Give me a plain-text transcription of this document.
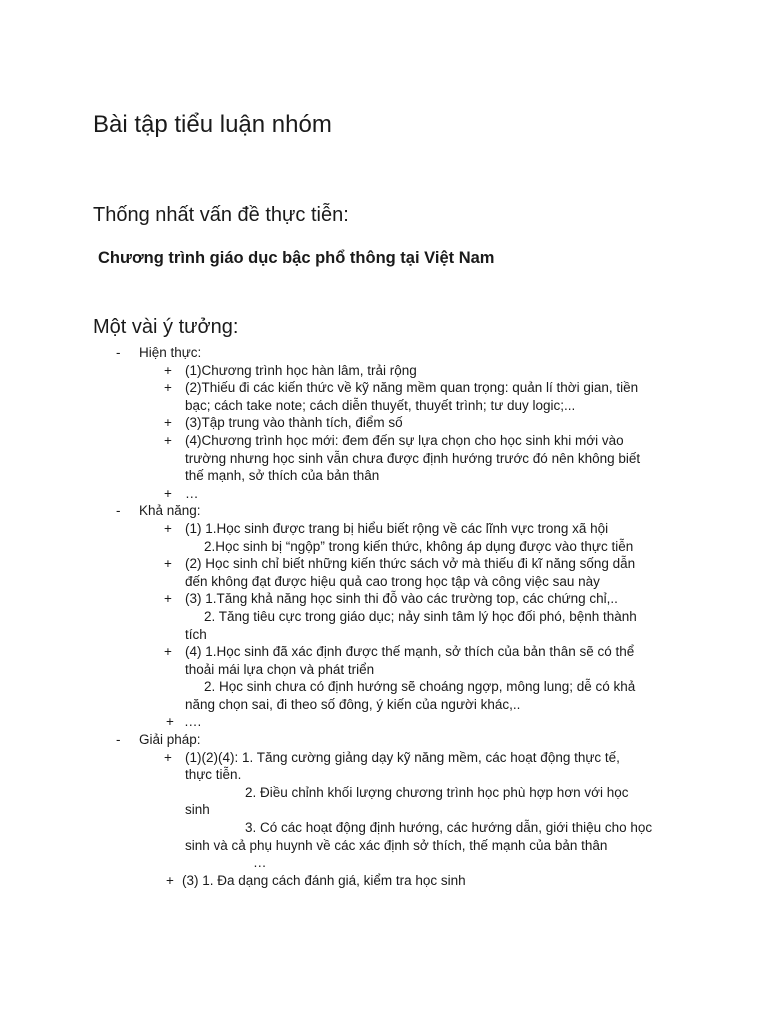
Bài tập tiểu luận nhóm
Thống nhất vấn đề thực tiễn:
Chương trình giáo dục bậc phổ thông tại Việt Nam
Một vài ý tưởng:
- Hiện thực:
+ (1)Chương trình học hàn lâm, trải rộng
+ (2)Thiếu đi các kiến thức về kỹ năng mềm quan trọng: quản lí thời gian, tiền
bạc; cách take note; cách diễn thuyết, thuyết trình; tư duy logic;...
+ (3)Tập trung vào thành tích, điểm số
+ (4)Chương trình học mới: đem đến sự lựa chọn cho học sinh khi mới vào
trường nhưng học sinh vẫn chưa được định hướng trước đó nên không biết
thế mạnh, sở thích của bản thân
+ …
- Khả năng:
+ (1) 1.Học sinh được trang bị hiểu biết rộng về các lĩnh vực trong xã hội
2.Học sinh bị “ngộp” trong kiến thức, không áp dụng được vào thực tiễn
+ (2) Học sinh chỉ biết những kiến thức sách vở mà thiếu đi kĩ năng sống dẫn
đến không đạt được hiệu quả cao trong học tập và công việc sau này
+ (3) 1.Tăng khả năng học sinh thi đỗ vào các trường top, các chứng chỉ,..
2. Tăng tiêu cực trong giáo dục; nảy sinh tâm lý học đối phó, bệnh thành
tích
+ (4) 1.Học sinh đã xác định được thế mạnh, sở thích của bản thân sẽ có thể
thoải mái lựa chọn và phát triển
2. Học sinh chưa có định hướng sẽ choáng ngợp, mông lung; dễ có khả
năng chọn sai, đi theo số đông, ý kiến của người khác,..
+ ….
- Giải pháp:
+ (1)(2)(4): 1. Tăng cường giảng dạy kỹ năng mềm, các hoạt động thực tế,
thực tiễn.
2. Điều chỉnh khối lượng chương trình học phù hợp hơn với học
sinh
3. Có các hoạt động định hướng, các hướng dẫn, giới thiệu cho học
sinh và cả phụ huynh về các xác định sở thích, thế mạnh của bản thân
…
+ (3) 1. Đa dạng cách đánh giá, kiểm tra học sinh
